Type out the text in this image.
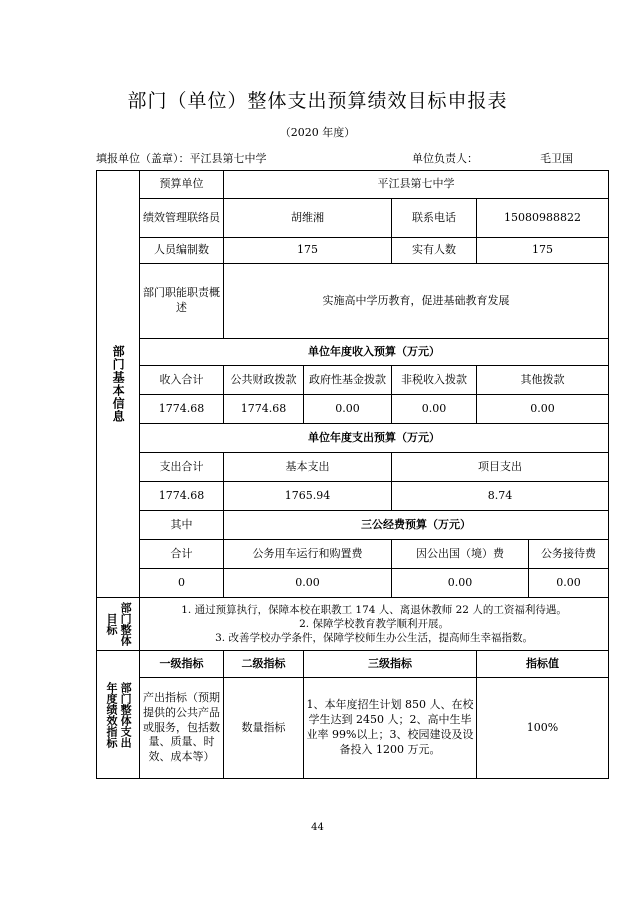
部门（单位）整体支出预算绩效目标申报表
（2020 年度）
填报单位（盖章）：平江县第七中学	单位负责人：	毛卫国
部门基本信息	预算单位	平江县第七中学				
	绩效管理联络员	胡维湘		联系电话	15080988822	
	人员编制数	175		实有人数	175	
	部门职能职责概述	实施高中学历教育，促进基础教育发展				
	单位年度收入预算（万元）					
	收入合计	公共财政拨款	政府性基金拨款	非税收入拨款	其他拨款	
	1774.68	1774.68	0.00	0.00	0.00	
	单位年度支出预算（万元）					
	支出合计	基本支出		项目支出		
	1774.68	1765.94		8.74		
	其中	三公经费预算（万元）				
	合计	公务用车运行和购置费		因公出国（境）费		公务接待费
	0	0.00		0.00		0.00

部门整体
目标	1. 通过预算执行，保障本校在职教工 174 人、离退休教师 22 人的工资福利待遇。
2. 保障学校教育教学顺利开展。
3. 改善学校办学条件，保障学校师生办公生活，提高师生幸福指数。					

部门整体支出
年度绩效指标	一级指标	二级指标	三级指标		指标值	
	产出指标（预期提供的公共产品或服务，包括数量、质量、时效、成本等）	数量指标	1、本年度招生计划 850 人、在校学生达到 2450 人；2、高中生毕业率 99%以上；3、校园建设及设备投入 1200 万元。		100%	
44
